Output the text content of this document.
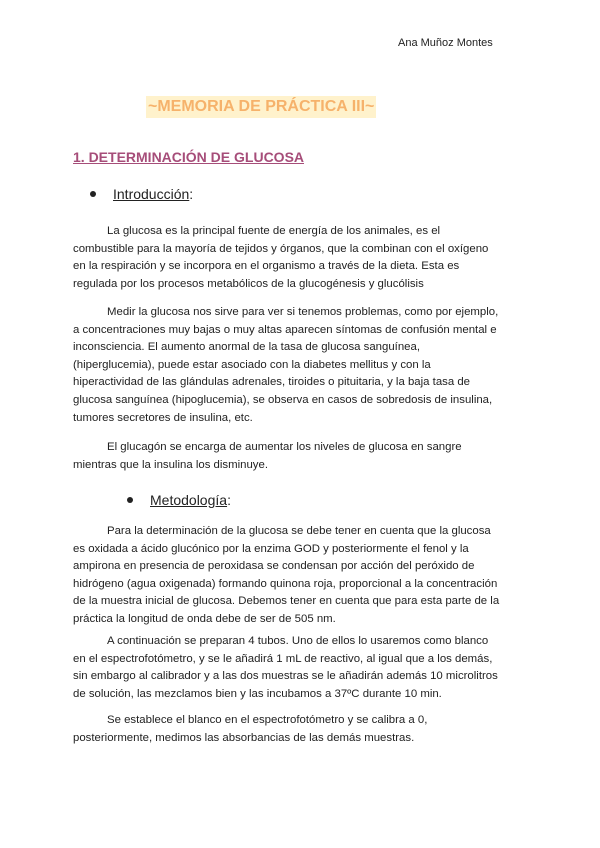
Ana Muñoz Montes
~MEMORIA DE PRÁCTICA III~
1. DETERMINACIÓN DE GLUCOSA
Introducción:
La glucosa es la principal fuente de energía de los animales, es el
combustible para la mayoría de tejidos y órganos, que la combinan con el oxígeno
en la respiración y se incorpora en el organismo a través de la dieta. Esta es
regulada por los procesos metabólicos de la glucogénesis y glucólisis
Medir la glucosa nos sirve para ver si tenemos problemas, como por ejemplo,
a concentraciones muy bajas o muy altas aparecen síntomas de confusión mental e
inconsciencia. El aumento anormal de la tasa de glucosa sanguínea,
(hiperglucemia), puede estar asociado con la diabetes mellitus y con la
hiperactividad de las glándulas adrenales, tiroides o pituitaria, y la baja tasa de
glucosa sanguínea (hipoglucemia), se observa en casos de sobredosis de insulina,
tumores secretores de insulina, etc.
El glucagón se encarga de aumentar los niveles de glucosa en sangre
mientras que la insulina los disminuye.
Metodología:
Para la determinación de la glucosa se debe tener en cuenta que la glucosa
es oxidada a ácido glucónico por la enzima GOD y posteriormente el fenol y la
ampirona en presencia de peroxidasa se condensan por acción del peróxido de
hidrógeno (agua oxigenada) formando quinona roja, proporcional a la concentración
de la muestra inicial de glucosa. Debemos tener en cuenta que para esta parte de la
práctica la longitud de onda debe de ser de 505 nm.
A continuación se preparan 4 tubos. Uno de ellos lo usaremos como blanco
en el espectrofotómetro, y se le añadirá 1 mL de reactivo, al igual que a los demás,
sin embargo al calibrador y a las dos muestras se le añadirán además 10 microlitros
de solución, las mezclamos bien y las incubamos a 37ºC durante 10 min.
Se establece el blanco en el espectrofotómetro y se calibra a 0,
posteriormente, medimos las absorbancias de las demás muestras.
